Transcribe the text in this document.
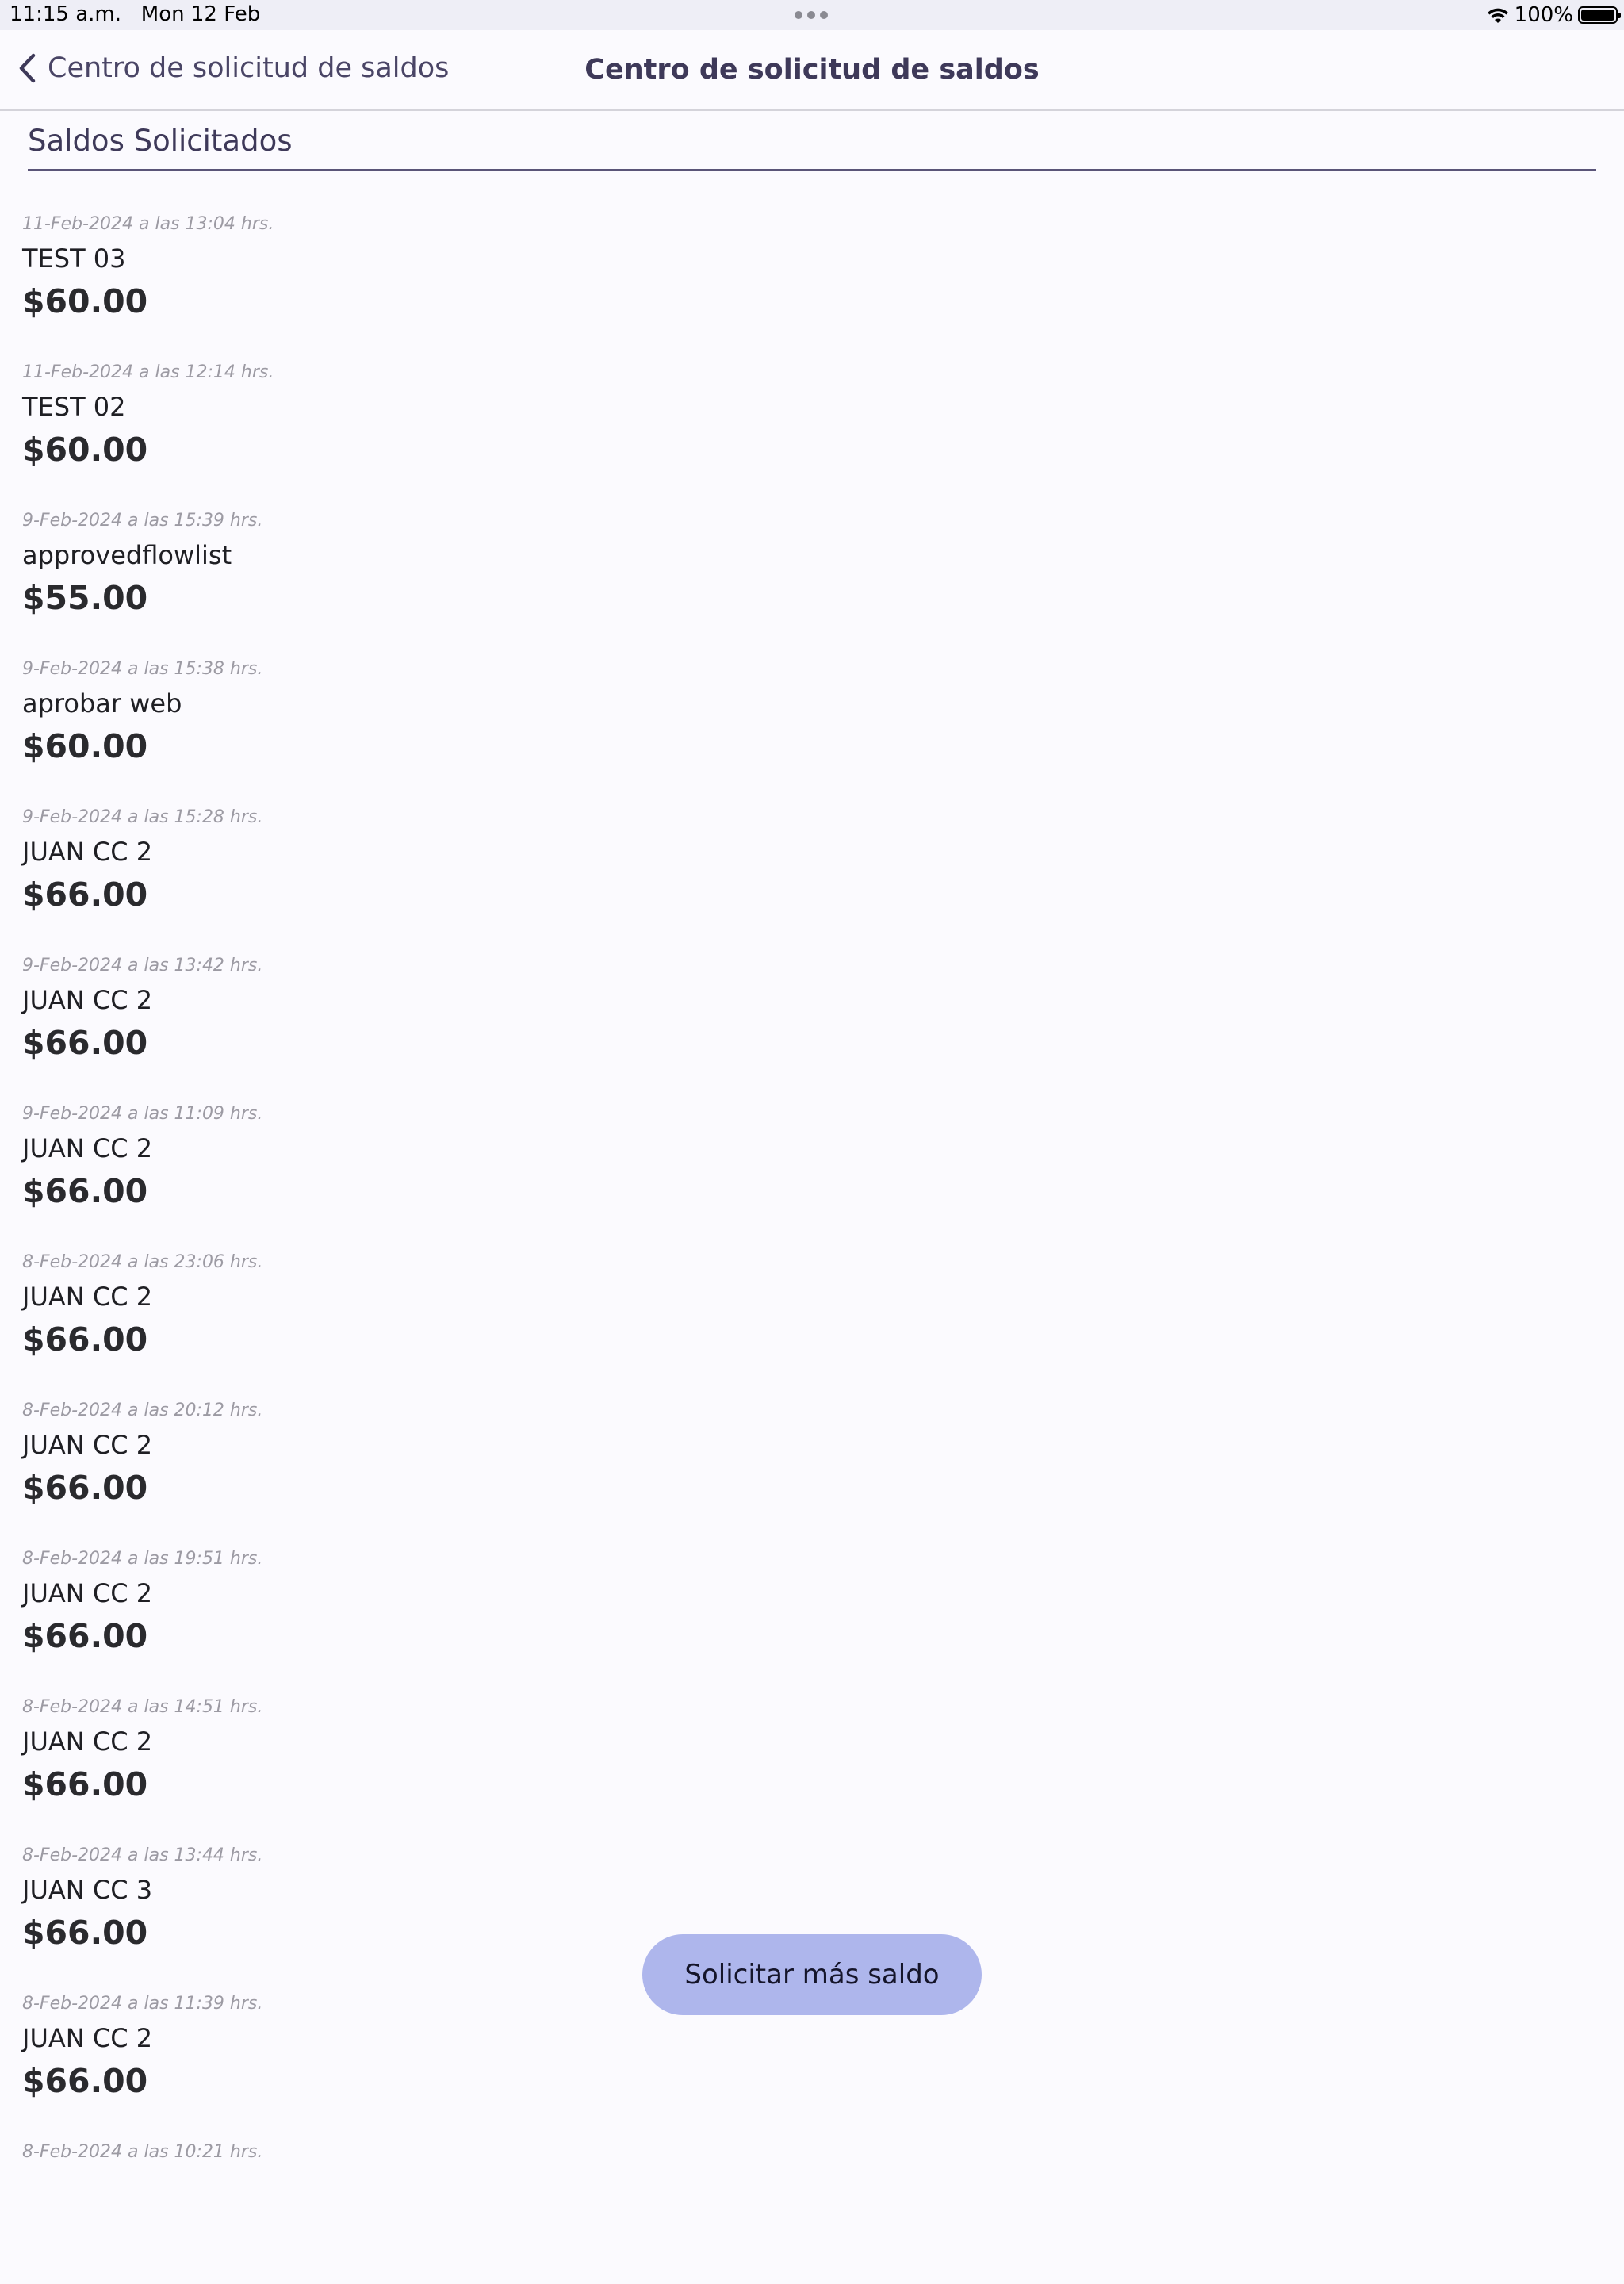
11:15 a.m. Mon 12 Feb	100%
Centro de solicitud de saldos	Centro de solicitud de saldos
Saldos Solicitados
11-Feb-2024 a las 13:04 hrs.
TEST 03
$60.00
11-Feb-2024 a las 12:14 hrs.
TEST 02
$60.00
9-Feb-2024 a las 15:39 hrs.
approvedflowlist
$55.00
9-Feb-2024 a las 15:38 hrs.
aprobar web
$60.00
9-Feb-2024 a las 15:28 hrs.
JUAN CC 2
$66.00
9-Feb-2024 a las 13:42 hrs.
JUAN CC 2
$66.00
9-Feb-2024 a las 11:09 hrs.
JUAN CC 2
$66.00
8-Feb-2024 a las 23:06 hrs.
JUAN CC 2
$66.00
8-Feb-2024 a las 20:12 hrs.
JUAN CC 2
$66.00
8-Feb-2024 a las 19:51 hrs.
JUAN CC 2
$66.00
8-Feb-2024 a las 14:51 hrs.
JUAN CC 2
$66.00
8-Feb-2024 a las 13:44 hrs.
JUAN CC 3
$66.00
8-Feb-2024 a las 11:39 hrs.
JUAN CC 2
$66.00
8-Feb-2024 a las 10:21 hrs.
Solicitar más saldo
